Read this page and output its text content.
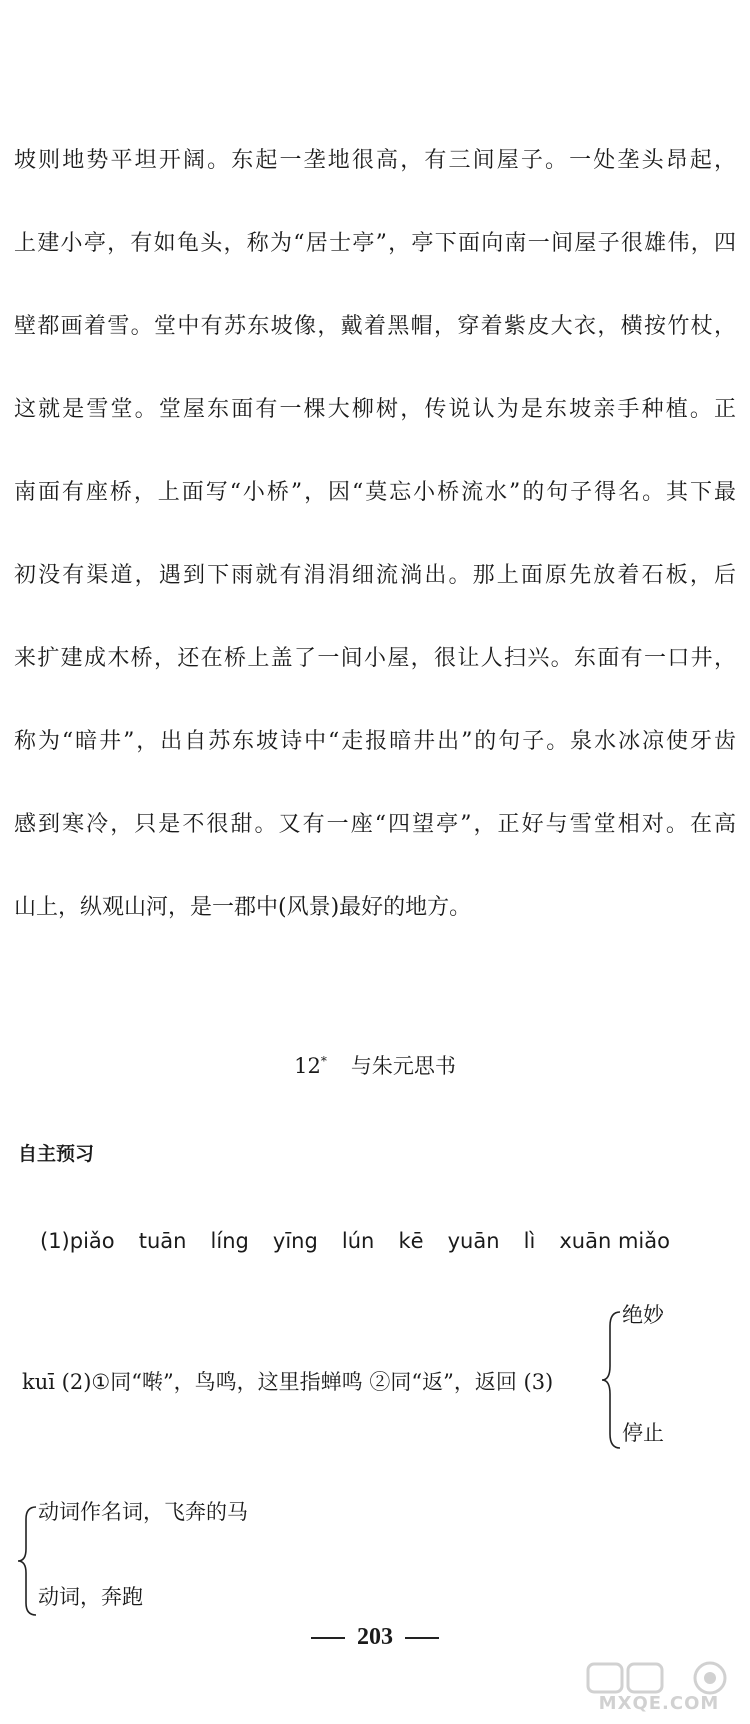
坡则地势平坦开阔。东起一垄地很高，有三间屋子。一处垄头昂起，
上建小亭，有如龟头，称为“居士亭”，亭下面向南一间屋子很雄伟，四
壁都画着雪。堂中有苏东坡像，戴着黑帽，穿着紫皮大衣，横按竹杖，
这就是雪堂。堂屋东面有一棵大柳树，传说认为是东坡亲手种植。正
南面有座桥，上面写“小桥”，因“莫忘小桥流水”的句子得名。其下最
初没有渠道，遇到下雨就有涓涓细流淌出。那上面原先放着石板，后
来扩建成木桥，还在桥上盖了一间小屋，很让人扫兴。东面有一口井，
称为“暗井”，出自苏东坡诗中“走报暗井出”的句子。泉水冰凉使牙齿
感到寒冷，只是不很甜。又有一座“四望亭”，正好与雪堂相对。在高
山上，纵观山河，是一郡中(风景)最好的地方。
12* 与朱元思书
自主预习
(1)piǎo tuān líng yīng lún kē yuān lì xuān miǎo
kuī (2)①同“啭”，鸟鸣，这里指蝉鸣 ②同“返”，返回 (3)
绝妙
停止
动词作名词，飞奔的马
动词，奔跑
203
MXQE.COM
